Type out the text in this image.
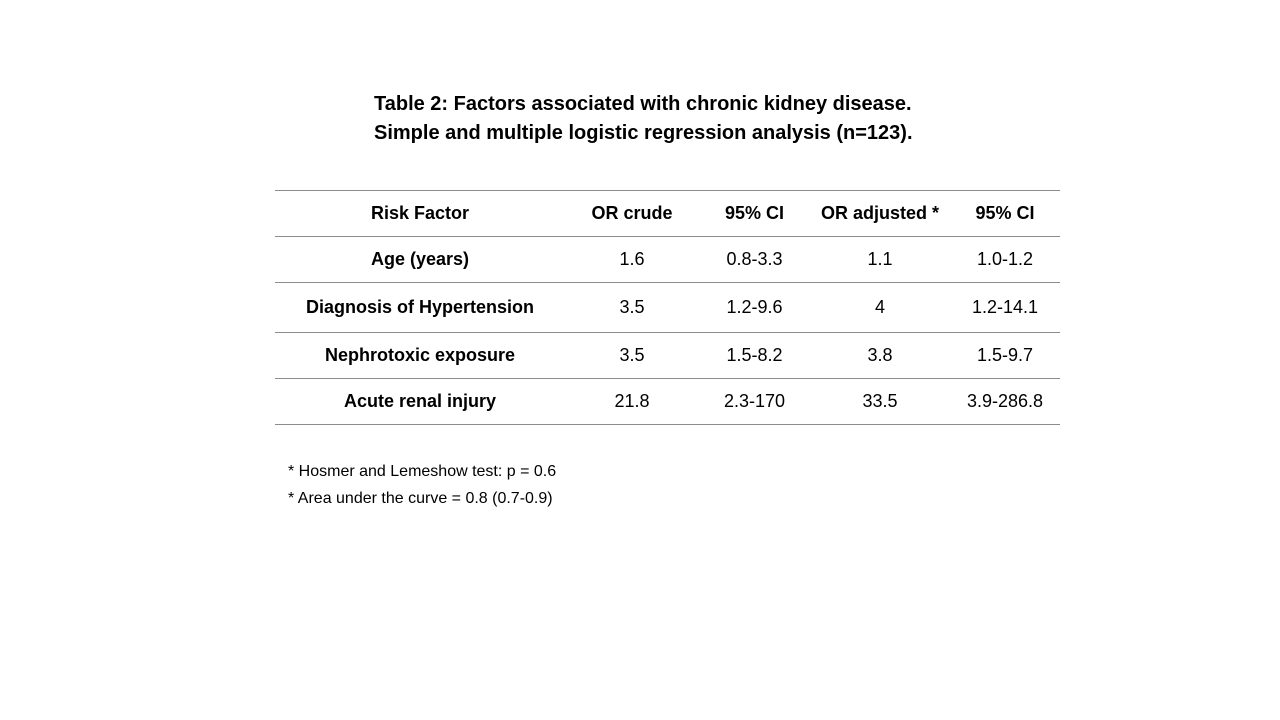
Table 2: Factors associated with chronic kidney disease.
Simple and multiple logistic regression analysis (n=123).
Risk Factor	OR crude	95% CI	OR adjusted *	95% CI
Age (years)	1.6	0.8-3.3	1.1	1.0-1.2
Diagnosis of Hypertension	3.5	1.2-9.6	4	1.2-14.1
Nephrotoxic exposure	3.5	1.5-8.2	3.8	1.5-9.7
Acute renal injury	21.8	2.3-170	33.5	3.9-286.8
* Hosmer and Lemeshow test: p = 0.6
* Area under the curve = 0.8 (0.7-0.9)
